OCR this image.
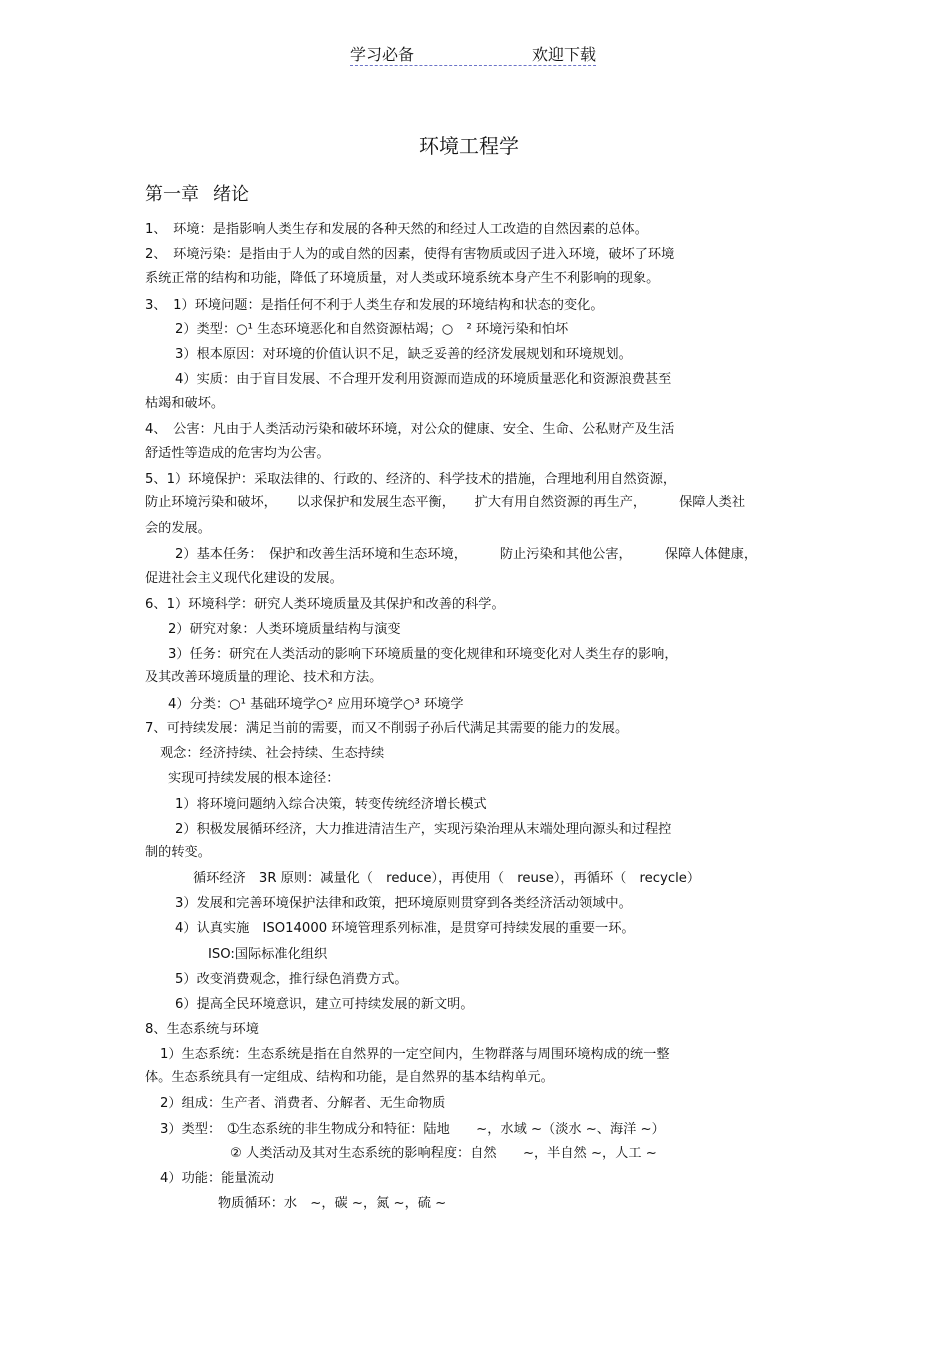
学习必备	欢迎下载
环境工程学
第一章 绪论
1、　环境：是指影响人类生存和发展的各种天然的和经过人工改造的自然因素的总体。
2、　环境污染：是指由于人为的或自然的因素，使得有害物质或因子进入环境，破坏了环境
系统正常的结构和功能，降低了环境质量，对人类或环境系统本身产生不利影响的现象。
3、　1）环境问题：是指任何不利于人类生存和发展的环境结构和状态的变化。
2）类型：○¹ 生态环境恶化和自然资源枯竭；○　² 环境污染和怕坏
3）根本原因：对环境的价值认识不足，缺乏妥善的经济发展规划和环境规划。
4）实质：由于盲目发展、不合理开发利用资源而造成的环境质量恶化和资源浪费甚至
枯竭和破坏。
4、　公害：凡由于人类活动污染和破坏环境，对公众的健康、安全、生命、公私财产及生活
舒适性等造成的危害均为公害。
5、1）环境保护：采取法律的、行政的、经济的、科学技术的措施，合理地利用自然资源，
防止环境污染和破坏，　　以求保护和发展生态平衡，　　扩大有用自然资源的再生产，　　　保障人类社
会的发展。
2）基本任务：　保护和改善生活环境和生态环境，　　　防止污染和其他公害，　　　保障人体健康，
促进社会主义现代化建设的发展。
6、1）环境科学：研究人类环境质量及其保护和改善的科学。
2）研究对象：人类环境质量结构与演变
3）任务：研究在人类活动的影响下环境质量的变化规律和环境变化对人类生存的影响，
及其改善环境质量的理论、技术和方法。
4）分类：○¹ 基础环境学○² 应用环境学○³ 环境学
7、可持续发展：满足当前的需要，而又不削弱子孙后代满足其需要的能力的发展。
观念：经济持续、社会持续、生态持续
实现可持续发展的根本途径：
1）将环境问题纳入综合决策，转变传统经济增长模式
2）积极发展循环经济，大力推进清洁生产，实现污染治理从末端处理向源头和过程控
制的转变。
循环经济　3R 原则：减量化（　reduce），再使用（　reuse），再循环（　recycle）
3）发展和完善环境保护法律和政策，把环境原则贯穿到各类经济活动领域中。
4）认真实施　ISO14000 环境管理系列标准，是贯穿可持续发展的重要一环。
ISO:国际标准化组织
5）改变消费观念，推行绿色消费方式。
6）提高全民环境意识，建立可持续发展的新文明。
8、生态系统与环境
1）生态系统：生态系统是指在自然界的一定空间内，生物群落与周围环境构成的统一整
体。生态系统具有一定组成、结构和功能，是自然界的基本结构单元。
2）组成：生产者、消费者、分解者、无生命物质
3）类型：　➀生态系统的非生物成分和特征：陆地　　~，水域 ~（淡水 ~、海洋 ~）
② 人类活动及其对生态系统的影响程度：自然　　~，半自然 ~，人工 ~
4）功能：能量流动
物质循环：水　~，碳 ~，氮 ~，硫 ~
